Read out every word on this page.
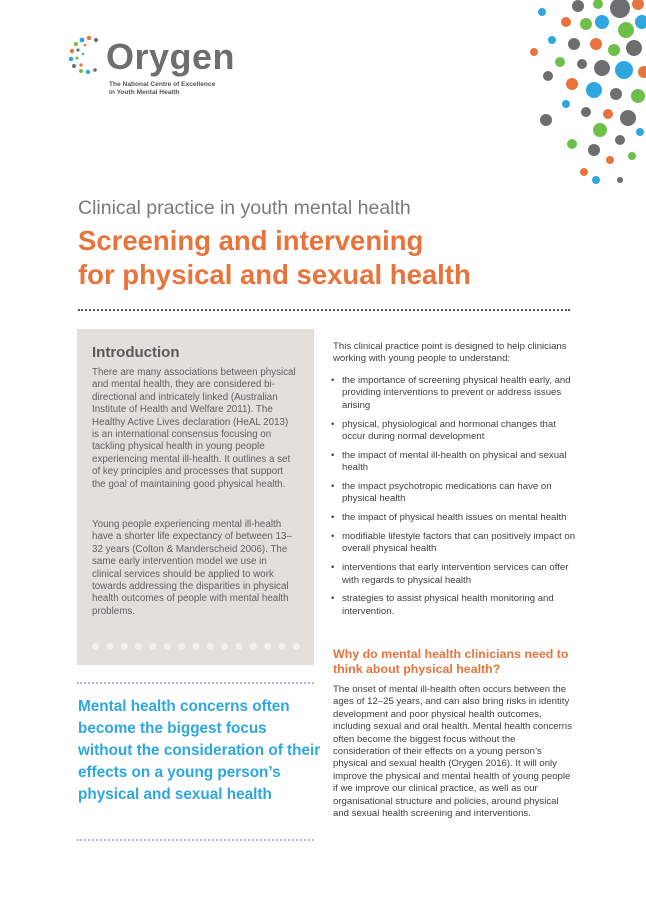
Orygen
The National Centre of Excellence
in Youth Mental Health
Clinical practice in youth mental health
Screening and intervening
for physical and sexual health
Introduction

There are many associations between physical and mental health, they are considered bi-directional and intricately linked (Australian Institute of Health and Welfare 2011). The Healthy Active Lives declaration (HeAL 2013) is an international consensus focusing on tackling physical health in young people experiencing mental ill-health. It outlines a set of key principles and processes that support the goal of maintaining good physical health.

Young people experiencing mental ill-health have a shorter life expectancy of between 13–32 years (Colton & Manderscheid 2006). The same early intervention model we use in clinical services should be applied to work towards addressing the disparities in physical health outcomes of people with mental health problems.

Mental health concerns often become the biggest focus without the consideration of their effects on a young person’s physical and sexual health

This clinical practice point is designed to help clinicians working with young people to understand:

• the importance of screening physical health early, and providing interventions to prevent or address issues arising
• physical, physiological and hormonal changes that occur during normal development
• the impact of mental ill-health on physical and sexual health
• the impact psychotropic medications can have on physical health
• the impact of physical health issues on mental health
• modifiable lifestyle factors that can positively impact on overall physical health
• interventions that early intervention services can offer with regards to physical health
• strategies to assist physical health monitoring and intervention.
Why do mental health clinicians need to think about physical health?

The onset of mental ill-health often occurs between the ages of 12–25 years, and can also bring risks in identity development and poor physical health outcomes, including sexual and oral health. Mental health concerns often become the biggest focus without the consideration of their effects on a young person’s physical and sexual health (Orygen 2016). It will only improve the physical and mental health of young people if we improve our clinical practice, as well as our organisational structure and policies, around physical and sexual health screening and interventions.
